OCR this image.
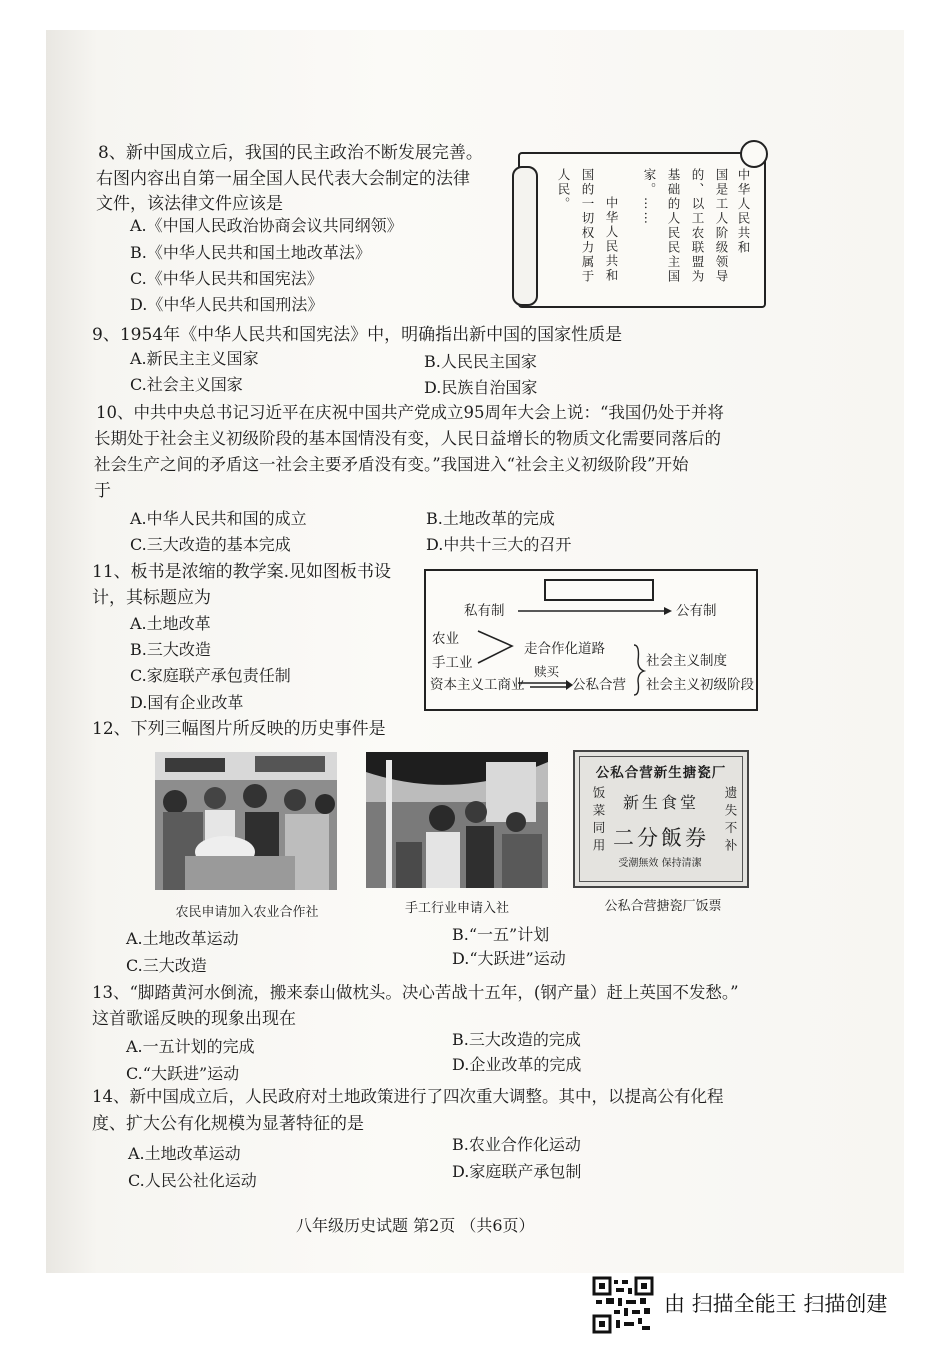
8、新中国成立后，我国的民主政治不断发展完善。
右图内容出自第一届全国人民代表大会制定的法律
文件，该法律文件应该是
A.《中国人民政治协商会议共同纲领》
B.《中华人民共和国土地改革法》
C.《中华人民共和国宪法》
D.《中华人民共和国刑法》
中华人民共和
国是工人阶级领导
的、以工农联盟为
基础的人民民主国
家。……
中华人民共和
国的一切权力属于
人民。
9、1954年《中华人民共和国宪法》中，明确指出新中国的国家性质是
A.新民主主义国家	B.人民民主国家
C.社会主义国家	D.民族自治国家
10、中共中央总书记习近平在庆祝中国共产党成立95周年大会上说：“我国仍处于并将
长期处于社会主义初级阶段的基本国情没有变，人民日益增长的物质文化需要同落后的
社会生产之间的矛盾这一社会主要矛盾没有变。”我国进入“社会主义初级阶段”开始
于
A.中华人民共和国的成立	B.土地改革的完成
C.三大改造的基本完成	D.中共十三大的召开
11、板书是浓缩的教学案.见如图板书设
计，其标题应为
A.土地改革
B.三大改造
C.家庭联产承包责任制
D.国有企业改革
私有制	公有制
农业
手工业
走合作化道路
资本主义工商业
赎买
公私合营
社会主义制度
社会主义初级阶段
12、下列三幅图片所反映的历史事件是
公私合营新生搪瓷厂
饭菜同用	新生食堂
二分飯券 遗失不补
受潮無效 保持清潔
农民申请加入农业合作社	手工行业申请入社	公私合营搪瓷厂饭票
A.土地改革运动	B.“一五”计划
C.三大改造	D.“大跃进”运动
13、“脚踏黄河水倒流，搬来泰山做枕头。决心苦战十五年，(钢产量）赶上英国不发愁。”
这首歌谣反映的现象出现在
A.一五计划的完成	B.三大改造的完成
C.“大跃进”运动	D.企业改革的完成
14、新中国成立后，人民政府对土地政策进行了四次重大调整。其中，以提高公有化程
度、扩大公有化规模为显著特征的是
A.土地改革运动	B.农业合作化运动
C.人民公社化运动	D.家庭联产承包制
八年级历史试题 第2页 （共6页）
由 扫描全能王 扫描创建
